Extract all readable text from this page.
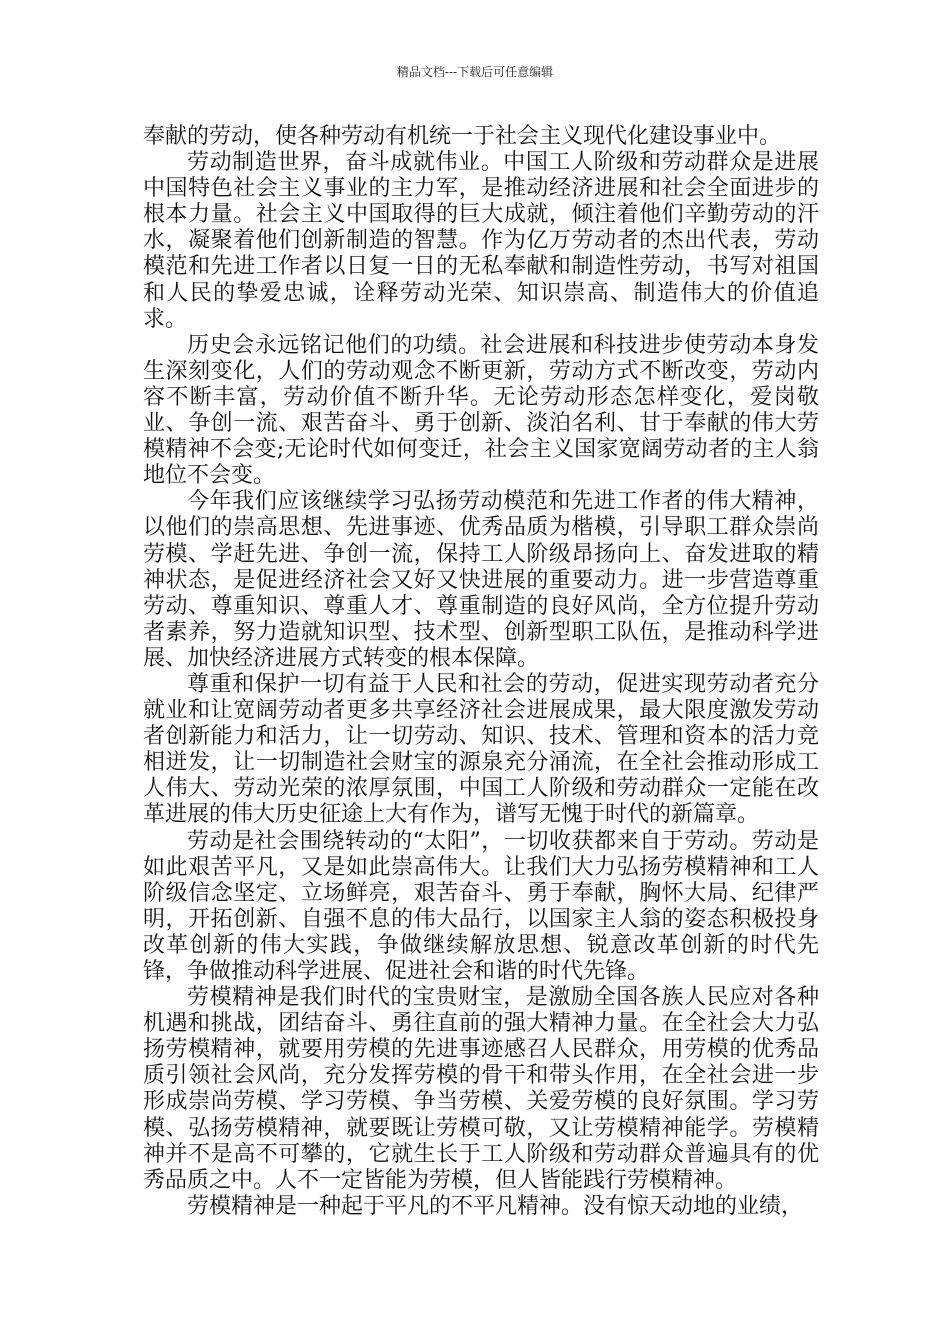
精品文档---下载后可任意编辑

奉献的劳动，使各种劳动有机统一于社会主义现代化建设事业中。

劳动制造世界，奋斗成就伟业。中国工人阶级和劳动群众是进展中国特色社会主义事业的主力军，是推动经济进展和社会全面进步的根本力量。社会主义中国取得的巨大成就，倾注着他们辛勤劳动的汗水，凝聚着他们创新制造的智慧。作为亿万劳动者的杰出代表，劳动模范和先进工作者以日复一日的无私奉献和制造性劳动，书写对祖国和人民的挚爱忠诚，诠释劳动光荣、知识崇高、制造伟大的价值追求。

历史会永远铭记他们的功绩。社会进展和科技进步使劳动本身发生深刻变化，人们的劳动观念不断更新，劳动方式不断改变，劳动内容不断丰富，劳动价值不断升华。无论劳动形态怎样变化，爱岗敬业、争创一流、艰苦奋斗、勇于创新、淡泊名利、甘于奉献的伟大劳模精神不会变;无论时代如何变迁，社会主义国家宽阔劳动者的主人翁地位不会变。

今年我们应该继续学习弘扬劳动模范和先进工作者的伟大精神，以他们的崇高思想、先进事迹、优秀品质为楷模，引导职工群众崇尚劳模、学赶先进、争创一流，保持工人阶级昂扬向上、奋发进取的精神状态，是促进经济社会又好又快进展的重要动力。进一步营造尊重劳动、尊重知识、尊重人才、尊重制造的良好风尚，全方位提升劳动者素养，努力造就知识型、技术型、创新型职工队伍，是推动科学进展、加快经济进展方式转变的根本保障。

尊重和保护一切有益于人民和社会的劳动，促进实现劳动者充分就业和让宽阔劳动者更多共享经济社会进展成果，最大限度激发劳动者创新能力和活力，让一切劳动、知识、技术、管理和资本的活力竞相迸发，让一切制造社会财宝的源泉充分涌流，在全社会推动形成工人伟大、劳动光荣的浓厚氛围，中国工人阶级和劳动群众一定能在改革进展的伟大历史征途上大有作为，谱写无愧于时代的新篇章。

劳动是社会围绕转动的“太阳”，一切收获都来自于劳动。劳动是如此艰苦平凡，又是如此崇高伟大。让我们大力弘扬劳模精神和工人阶级信念坚定、立场鲜亮，艰苦奋斗、勇于奉献，胸怀大局、纪律严明，开拓创新、自强不息的伟大品行，以国家主人翁的姿态积极投身改革创新的伟大实践，争做继续解放思想、锐意改革创新的时代先锋，争做推动科学进展、促进社会和谐的时代先锋。

劳模精神是我们时代的宝贵财宝，是激励全国各族人民应对各种机遇和挑战，团结奋斗、勇往直前的强大精神力量。在全社会大力弘扬劳模精神，就要用劳模的先进事迹感召人民群众，用劳模的优秀品质引领社会风尚，充分发挥劳模的骨干和带头作用，在全社会进一步形成崇尚劳模、学习劳模、争当劳模、关爱劳模的良好氛围。学习劳模、弘扬劳模精神，就要既让劳模可敬，又让劳模精神能学。劳模精神并不是高不可攀的，它就生长于工人阶级和劳动群众普遍具有的优秀品质之中。人不一定皆能为劳模，但人皆能践行劳模精神。

劳模精神是一种起于平凡的不平凡精神。没有惊天动地的业绩，
